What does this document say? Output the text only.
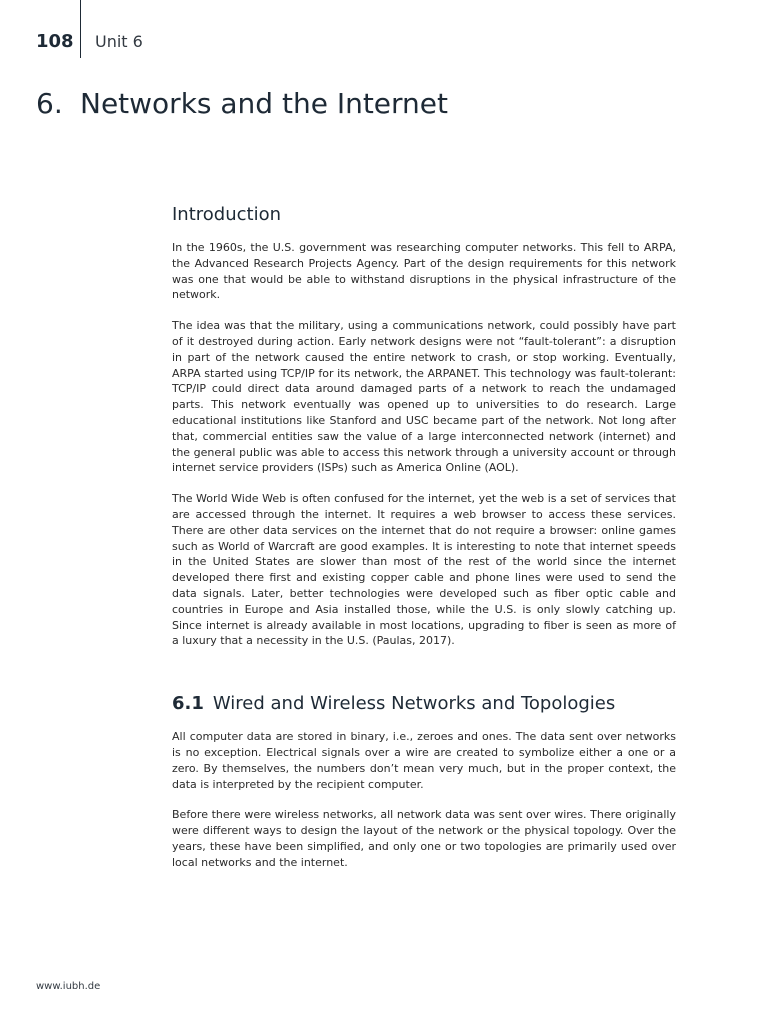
108 Unit 6
6. Networks and the Internet
Introduction

In the 1960s, the U.S. government was researching computer networks. This fell to ARPA, the Advanced Research Projects Agency. Part of the design requirements for this network was one that would be able to withstand disruptions in the physical infrastructure of the network.

The idea was that the military, using a communications network, could possibly have part of it destroyed during action. Early network designs were not “fault-tolerant”: a disruption in part of the network caused the entire network to crash, or stop working. Eventually, ARPA started using TCP/IP for its network, the ARPANET. This technology was fault-tolerant: TCP/IP could direct data around damaged parts of a network to reach the undamaged parts. This network eventually was opened up to universities to do research. Large educational institutions like Stanford and USC became part of the network. Not long after that, commercial entities saw the value of a large interconnected network (internet) and the general public was able to access this network through a university account or through internet service providers (ISPs) such as America Online (AOL).

The World Wide Web is often confused for the internet, yet the web is a set of services that are accessed through the internet. It requires a web browser to access these services. There are other data services on the internet that do not require a browser: online games such as World of Warcraft are good examples. It is interesting to note that internet speeds in the United States are slower than most of the rest of the world since the internet developed there first and existing copper cable and phone lines were used to send the data signals. Later, better technologies were developed such as fiber optic cable and countries in Europe and Asia installed those, while the U.S. is only slowly catching up. Since internet is already available in most locations, upgrading to fiber is seen as more of a luxury that a necessity in the U.S. (Paulas, 2017).

6.1 Wired and Wireless Networks and Topologies

All computer data are stored in binary, i.e., zeroes and ones. The data sent over networks is no exception. Electrical signals over a wire are created to symbolize either a one or a zero. By themselves, the numbers don’t mean very much, but in the proper context, the data is interpreted by the recipient computer.

Before there were wireless networks, all network data was sent over wires. There originally were different ways to design the layout of the network or the physical topology. Over the years, these have been simplified, and only one or two topologies are primarily used over local networks and the internet.

www.iubh.de
